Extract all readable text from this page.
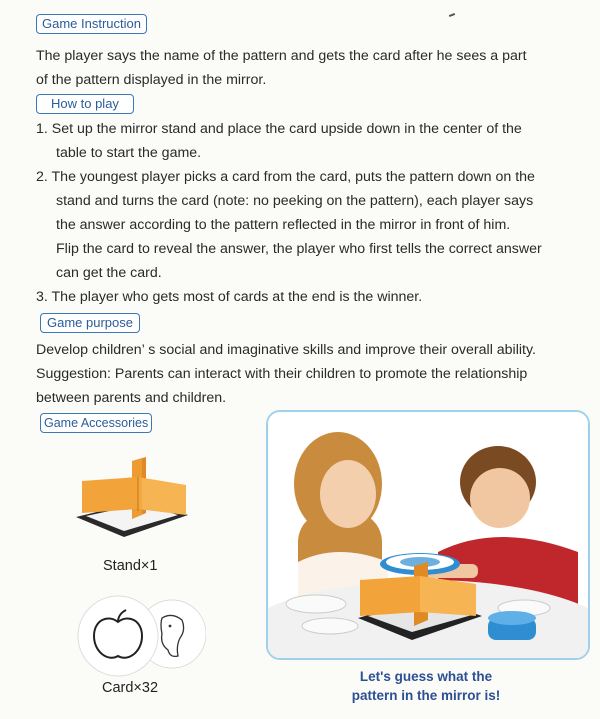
Game Instruction
The player says the name of the pattern and gets the card after he sees a part
of the pattern displayed in the mirror.
How to play
1. Set up the mirror stand and place the card upside down in the center of the
table to start the game.
2. The youngest player picks a card from the card, puts the pattern down on the
stand and turns the card (note: no peeking on the pattern), each player says
the answer according to the pattern reflected in the mirror in front of him.
Flip the card to reveal the answer, the player who first tells the correct answer
can get the card.
3. The player who gets most of cards at the end is the winner.
Game purpose
Develop children’ s social and imaginative skills and improve their overall ability.
Suggestion: Parents can interact with their children to promote the relationship
between parents and children.
Game Accessories
Stand×1
Card×32
Let's guess what the
pattern in the mirror is!
